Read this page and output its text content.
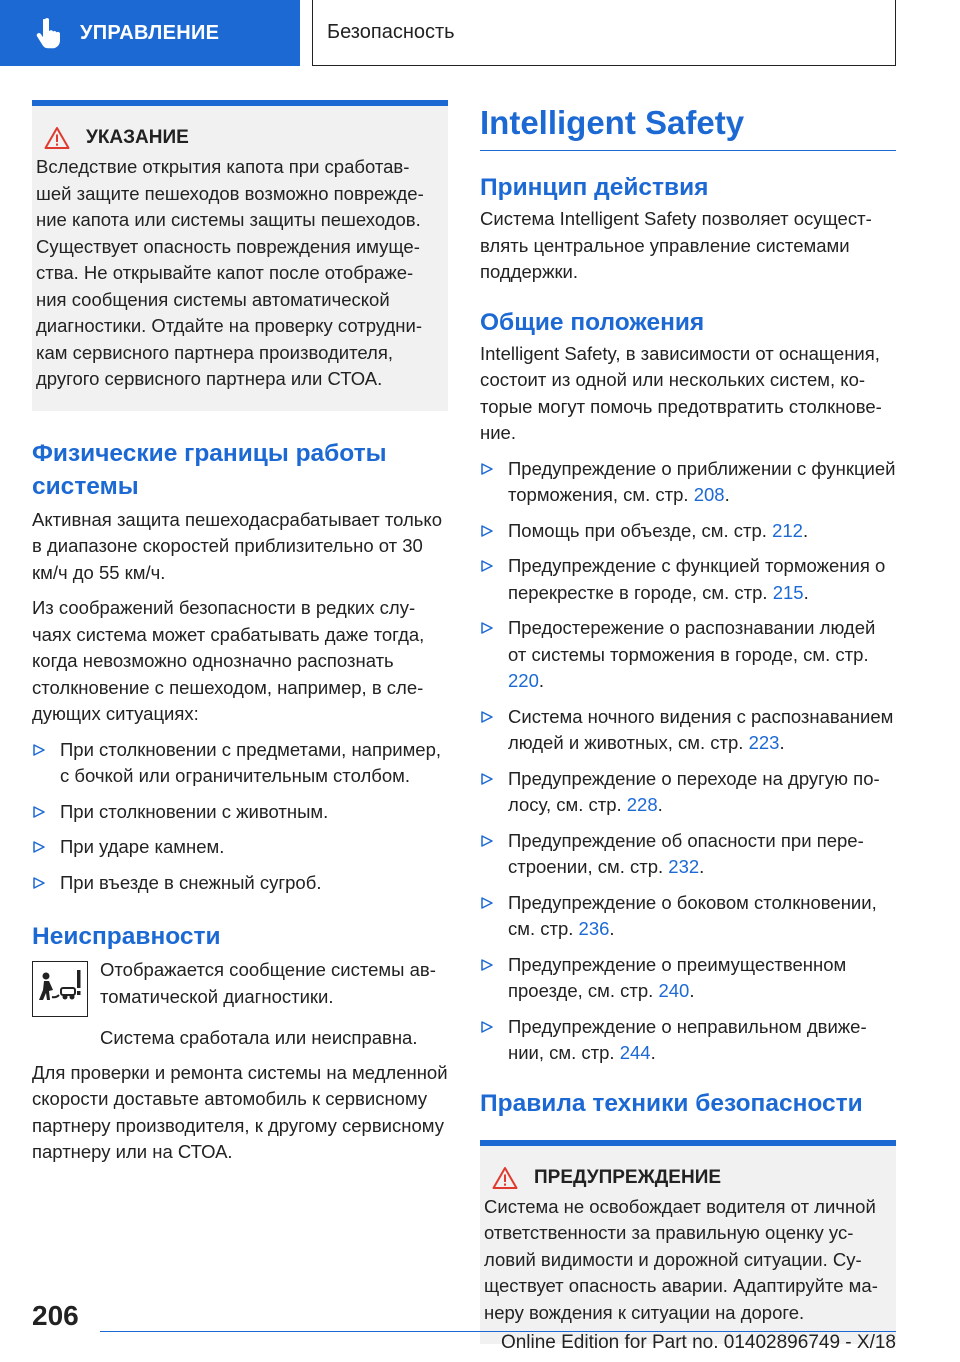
УПРАВЛЕНИЕ	Безопасность
УКАЗАНИЕ

Вследствие открытия капота при сработавшей защите пешеходов возможно повреждение капота или системы защиты пешеходов. Существует опасность повреждения имущества. Не открывайте капот после отображения сообщения системы автоматической диагностики. Отдайте на проверку сотрудникам сервисного партнера производителя, другого сервисного партнера или СТОА.

Физические границы работы системы

Активная защита пешеходасрабатывает только в диапазоне скоростей приблизительно от 30 км/ч до 55 км/ч.

Из соображений безопасности в редких случаях система может срабатывать даже тогда, когда невозможно однозначно распознать столкновение с пешеходом, например, в следующих ситуациях:

При столкновении с предметами, например, с бочкой или ограничительным столбом.
При столкновении с животным.
При ударе камнем.
При въезде в снежный сугроб.
Неисправности

Отображается сообщение системы автоматической диагностики.

Система сработала или неисправна.

Для проверки и ремонта системы на медленной скорости доставьте автомобиль к сервисному партнеру производителя, к другому сервисному партнеру или на СТОА.

Intelligent Safety
Принцип действия

Система Intelligent Safety позволяет осуществлять центральное управление системами поддержки.

Общие положения

Intelligent Safety, в зависимости от оснащения, состоит из одной или нескольких систем, которые могут помочь предотвратить столкновение.

Предупреждение о приближении с функцией торможения, см. стр. 208.
Помощь при объезде, см. стр. 212.
Предупреждение с функцией торможения о перекрестке в городе, см. стр. 215.
Предостережение о распознавании людей от системы торможения в городе, см. стр. 220.
Система ночного видения с распознаванием людей и животных, см. стр. 223.
Предупреждение о переходе на другую полосу, см. стр. 228.
Предупреждение об опасности при перестроении, см. стр. 232.
Предупреждение о боковом столкновении, см. стр. 236.
Предупреждение о преимущественном проезде, см. стр. 240.
Предупреждение о неправильном движении, см. стр. 244.
Правила техники безопасности
ПРЕДУПРЕЖДЕНИЕ

Система не освобождает водителя от личной ответственности за правильную оценку условий видимости и дорожной ситуации. Существует опасность аварии. Адаптируйте манеру вождения к ситуации на дороге.

206
Online Edition for Part no. 01402896749 - X/18
